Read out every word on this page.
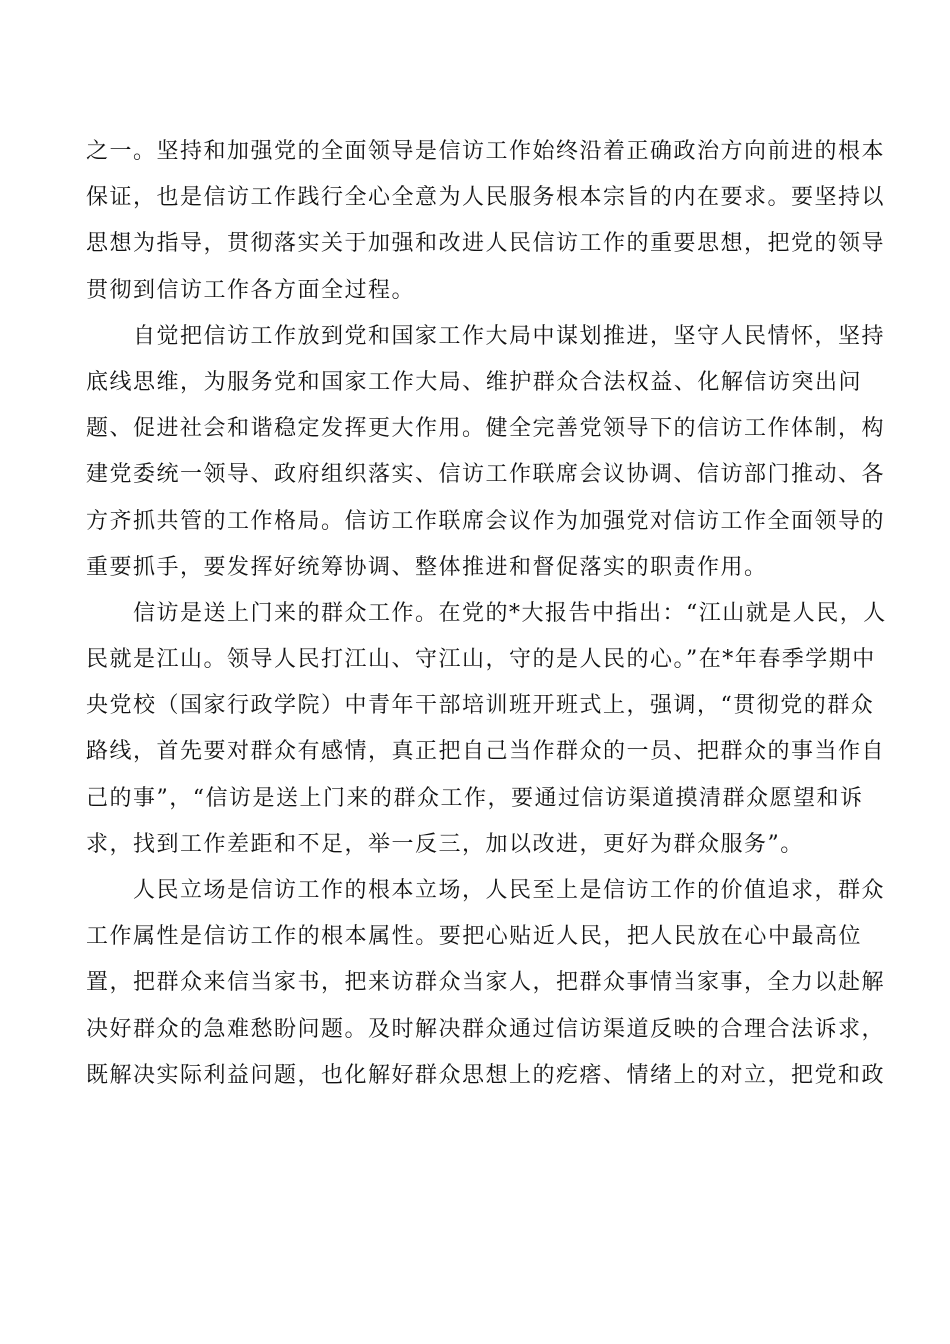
之一。坚持和加强党的全面领导是信访工作始终沿着正确政治方向前进的根本
保证，也是信访工作践行全心全意为人民服务根本宗旨的内在要求。要坚持以
思想为指导，贯彻落实关于加强和改进人民信访工作的重要思想，把党的领导
贯彻到信访工作各方面全过程。
　　自觉把信访工作放到党和国家工作大局中谋划推进，坚守人民情怀，坚持
底线思维，为服务党和国家工作大局、维护群众合法权益、化解信访突出问
题、促进社会和谐稳定发挥更大作用。健全完善党领导下的信访工作体制，构
建党委统一领导、政府组织落实、信访工作联席会议协调、信访部门推动、各
方齐抓共管的工作格局。信访工作联席会议作为加强党对信访工作全面领导的
重要抓手，要发挥好统筹协调、整体推进和督促落实的职责作用。
　　信访是送上门来的群众工作。在党的*大报告中指出：“江山就是人民，人
民就是江山。领导人民打江山、守江山，守的是人民的心。”在*年春季学期中
央党校（国家行政学院）中青年干部培训班开班式上，强调，“贯彻党的群众
路线，首先要对群众有感情，真正把自己当作群众的一员、把群众的事当作自
己的事”，“信访是送上门来的群众工作，要通过信访渠道摸清群众愿望和诉
求，找到工作差距和不足，举一反三，加以改进，更好为群众服务”。
　　人民立场是信访工作的根本立场，人民至上是信访工作的价值追求，群众
工作属性是信访工作的根本属性。要把心贴近人民，把人民放在心中最高位
置，把群众来信当家书，把来访群众当家人，把群众事情当家事，全力以赴解
决好群众的急难愁盼问题。及时解决群众通过信访渠道反映的合理合法诉求，
既解决实际利益问题，也化解好群众思想上的疙瘩、情绪上的对立，把党和政
